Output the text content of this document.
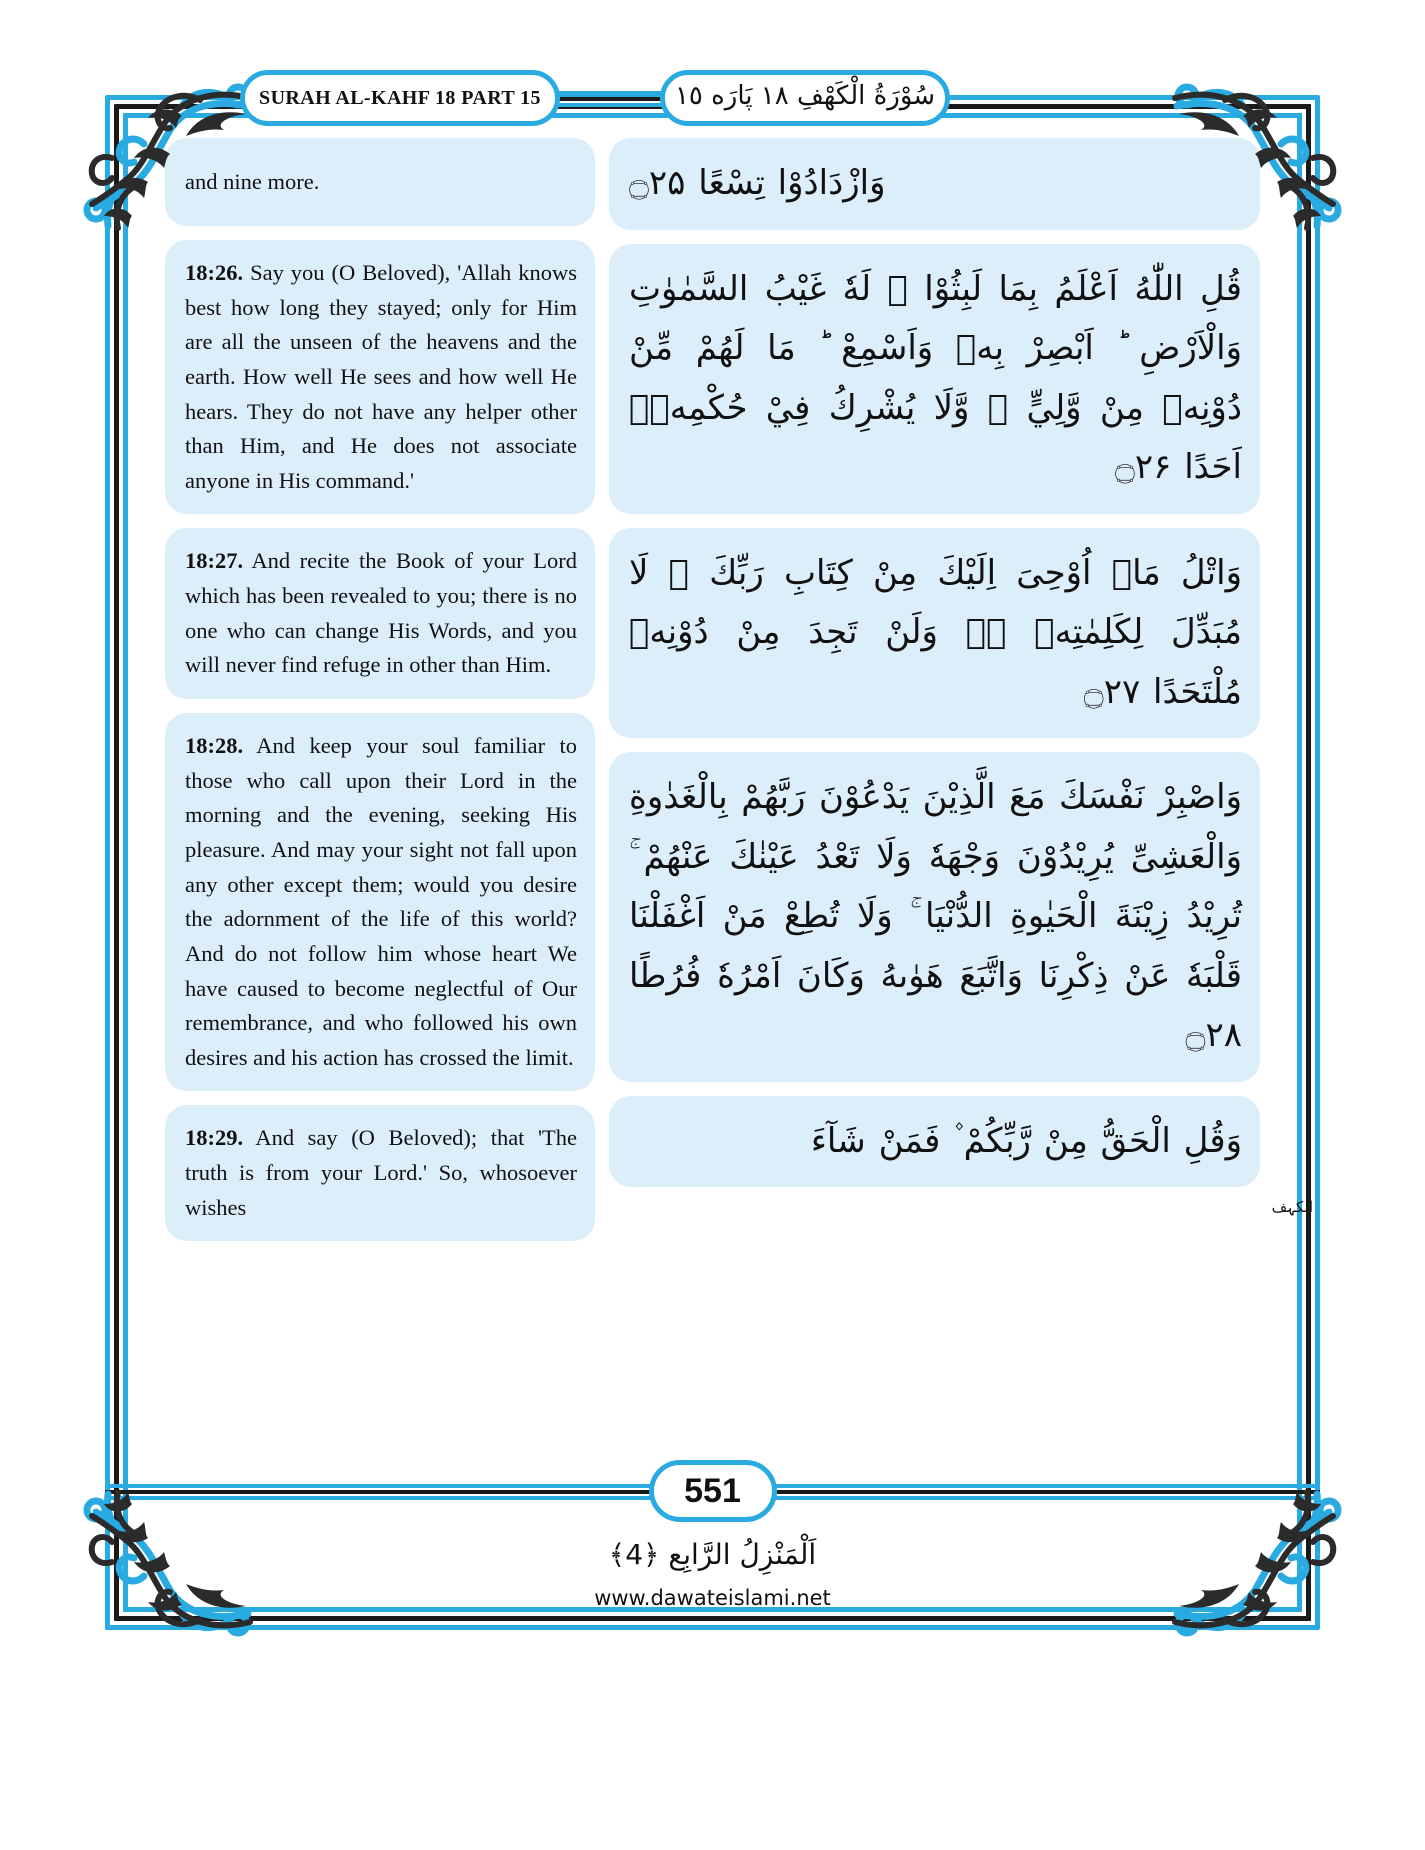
SURAH AL-KAHF 18 PART 15	سُوْرَةُ الْكَهْفِ ١٨ پَارَه ١٥
and nine more.
18:26. Say you (O Beloved), 'Allah knows best how long they stayed; only for Him are all the unseen of the heavens and the earth. How well He sees and how well He hears. They do not have any helper other than Him, and He does not associate anyone in His command.'
18:27. And recite the Book of your Lord which has been revealed to you; there is no one who can change His Words, and you will never find refuge in other than Him.
18:28. And keep your soul familiar to those who call upon their Lord in the morning and the evening, seeking His pleasure. And may your sight not fall upon any other except them; would you desire the adornment of the life of this world? And do not follow him whose heart We have caused to become neglectful of Our remembrance, and who followed his own desires and his action has crossed the limit.
18:29. And say (O Beloved); that 'The truth is from your Lord.' So, whosoever wishes
وَازْدَادُوْا تِسْعًا ۝۲۵
قُلِ اللّٰهُ اَعْلَمُ بِمَا لَبِثُوْا ۚ لَهٗ غَيْبُ السَّمٰوٰتِ وَالْاَرْضِ ؕ اَبْصِرْ بِهٖ وَاَسْمِعْ ؕ مَا لَهُمْ مِّنْ دُوْنِهٖ مِنْ وَّلِيٍّ ۗ وَّلَا يُشْرِكُ فِيْ حُكْمِهٖۤ اَحَدًا ۝۲۶
وَاتْلُ مَاۤ اُوْحِیَ اِلَيْكَ مِنْ كِتَابِ رَبِّكَ ۚ لَا مُبَدِّلَ لِكَلِمٰتِهٖ ۚ۬ وَلَنْ تَجِدَ مِنْ دُوْنِهٖ مُلْتَحَدًا ۝۲۷
وَاصْبِرْ نَفْسَكَ مَعَ الَّذِيْنَ يَدْعُوْنَ رَبَّهُمْ بِالْغَدٰوةِ وَالْعَشِیِّ يُرِيْدُوْنَ وَجْهَهٗ وَلَا تَعْدُ عَيْنٰكَ عَنْهُمْ ۚ تُرِيْدُ زِيْنَةَ الْحَيٰوةِ الدُّنْيَا ۚ وَلَا تُطِعْ مَنْ اَغْفَلْنَا قَلْبَهٗ عَنْ ذِكْرِنَا وَاتَّبَعَ هَوٰىهُ وَكَانَ اَمْرُهٗ فُرُطًا ۝۲۸
وَقُلِ الْحَقُّ مِنْ رَّبِّكُمْ ۫ فَمَنْ شَآءَ
الکہف
551
اَلْمَنْزِلُ الرَّابِع ﴿4﴾
www.dawateislami.net
